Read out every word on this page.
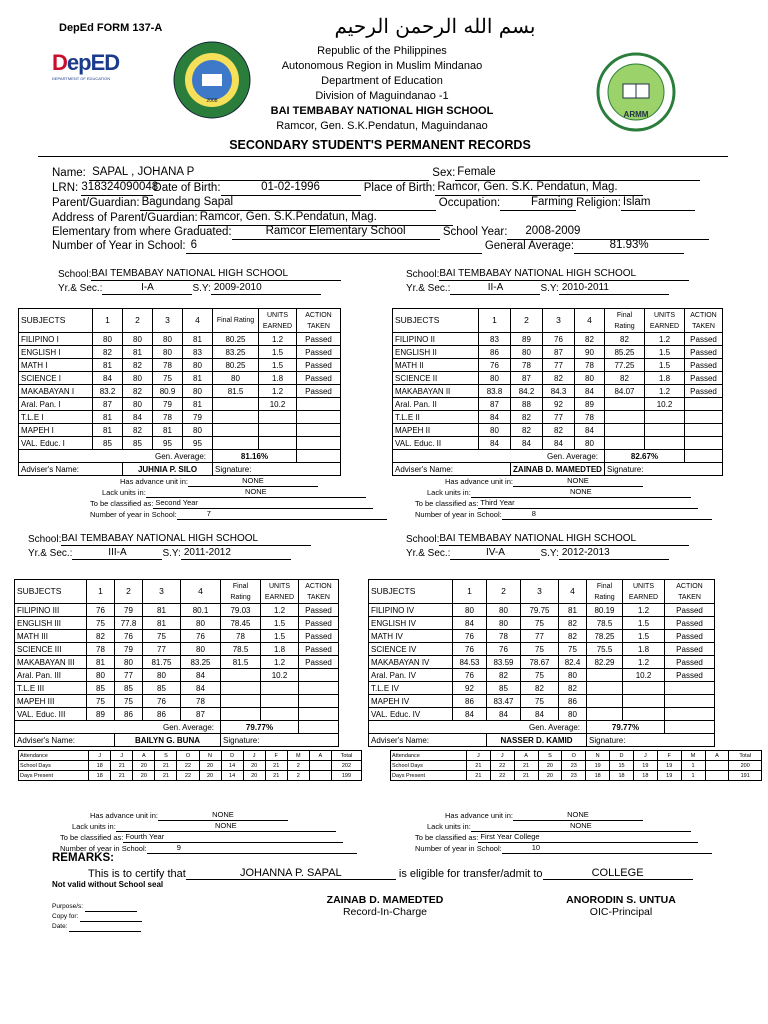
DepEd FORM 137-A	بسم الله الرحمن الرحيم
DepED
DEPARTMENT OF EDUCATION
2008
ARMM
Republic of the Philippines
Autonomous Region in Muslim Mindanao
Department of Education
Division of Maguindanao -1
BAI TEMBABAY NATIONAL HIGH SCHOOL
Ramcor, Gen. S.K.Pendatun, Maguindanao
SECONDARY STUDENT'S PERMANENT RECORDS
Name: SAPAL , JOHANA P	Sex: Female
LRN: 318324090048Date of Birth:	01-02-1996	Place of Birth: Ramcor, Gen. S.K. Pendatun, Mag.
Parent/Guardian: Bagundang Sapal	Occupation:	Farming Religion: Islam
Address of Parent/Guardian: Ramcor, Gen. S.K.Pendatun, Mag.
Elementary from where Graduated:	Ramcor Elementary School	School Year: 2008-2009
Number of Year in School: 6	General Average:	81.93%
School:BAI TEMBABAY NATIONAL HIGH SCHOOL
Yr.& Sec.:	I-A	S.Y: 2009-2010
SUBJECTS	1	2	3	4	Final Rating	UNITS EARNED	ACTION TAKEN
FILIPINO I	80	80	80	81	80.25	1.2	Passed
ENGLISH I	82	81	80	83	83.25	1.5	Passed
MATH I	81	82	78	80	80.25	1.5	Passed
SCIENCE I	84	80	75	81	80	1.8	Passed
MAKABAYAN I	83.2	82	80.9	80	81.5	1.2	Passed
Aral. Pan. I	87	80	79	81		10.2	
T.L.E I	81	84	78	79			
MAPEH I	81	82	81	80			
VAL. Educ. I	85	85	95	95			
Gen. Average:					81.16%		
Adviser's Name:		JUHNIA P. SILO			Signature:		
Has advance unit in:	NONE
Lack units in:	NONE
To be classified as: Second Year
Number of year in School:	7
School:BAI TEMBABAY NATIONAL HIGH SCHOOL
Yr.& Sec.:	II-A	S.Y: 2010-2011
SUBJECTS	1	2	3	4	Final Rating	UNITS EARNED	ACTION TAKEN
FILIPINO II	83	89	76	82	82	1.2	Passed
ENGLISH II	86	80	87	90	85.25	1.5	Passed
MATH II	76	78	77	78	77.25	1.5	Passed
SCIENCE II	80	87	82	80	82	1.8	Passed
MAKABAYAN II	83.8	84.2	84.3	84	84.07	1.2	Passed
Aral. Pan. II	87	88	92	89		10.2	
T.L.E II	84	82	77	78			
MAPEH II	80	82	82	84			
VAL. Educ. II	84	84	84	80			
Gen. Average:					82.67%		
Adviser's Name:		ZAINAB D. MAMEDTED			Signature:		
Has advance unit in:	NONE
Lack units in:	NONE
To be classified as: Third Year
Number of year in School:	8
School:BAI TEMBABAY NATIONAL HIGH SCHOOL
Yr.& Sec.:	III-A	S.Y: 2011-2012
SUBJECTS	1	2	3	4	Final Rating	UNITS EARNED	ACTION TAKEN
FILIPINO III	76	79	81	80.1	79.03	1.2	Passed
ENGLISH III	75	77.8	81	80	78.45	1.5	Passed
MATH III	82	76	75	76	78	1.5	Passed
SCIENCE III	78	79	77	80	78.5	1.8	Passed
MAKABAYAN III	81	80	81.75	83.25	81.5	1.2	Passed
Aral. Pan. III	80	77	80	84		10.2	
T.L.E III	85	85	85	84			
MAPEH III	75	75	76	78			
VAL. Educ. III	89	86	86	87			
Gen. Average:					79.77%		
Adviser's Name:		BAILYN G. BUNA			Signature:		
Has advance unit in:	NONE
Lack units in:	NONE
To be classified as: Fourth Year
Number of year in School:	9
School:BAI TEMBABAY NATIONAL HIGH SCHOOL
Yr.& Sec.:	IV-A	S.Y: 2012-2013
SUBJECTS	1	2	3	4	Final Rating	UNITS EARNED	ACTION TAKEN
FILIPINO IV	80	80	79.75	81	80.19	1.2	Passed
ENGLISH IV	84	80	75	82	78.5	1.5	Passed
MATH IV	76	78	77	82	78.25	1.5	Passed
SCIENCE IV	76	76	75	75	75.5	1.8	Passed
MAKABAYAN IV	84.53	83.59	78.67	82.4	82.29	1.2	Passed
Aral. Pan. IV	76	82	75	80		10.2	Passed
T.L.E IV	92	85	82	82			
MAPEH IV	86	83.47	75	86			
VAL. Educ. IV	84	84	84	80			
Gen. Average:					79.77%		
Adviser's Name:		NASSER D. KAMID			Signature:		
Has advance unit in:	NONE
Lack units in:	NONE
To be classified as: First Year College
Number of year in School:	10
Attendance	J	J	A	S	O	N	D	J	F	M	A	Total
School Days	18	21	20	21	22	20	14	20	21	2		202
Days Present	18	21	20	21	22	20	14	20	21	2		199
Attendance	J	J	A	S	O	N	D	J	F	M	A	Total
School Days	21	22	21	20	23	19	15	19	19	1		200
Days Present	21	22	21	20	23	18	18	18	19	1		191
REMARKS:
This is to certify that	JOHANNA P. SAPAL	is eligible for transfer/admit to	COLLEGE
Not valid without School seal
Purpose/s:
Copy for:
Date:
ZAINAB D. MAMEDTED
Record-In-Charge
ANORODIN S. UNTUA
OIC-Principal
